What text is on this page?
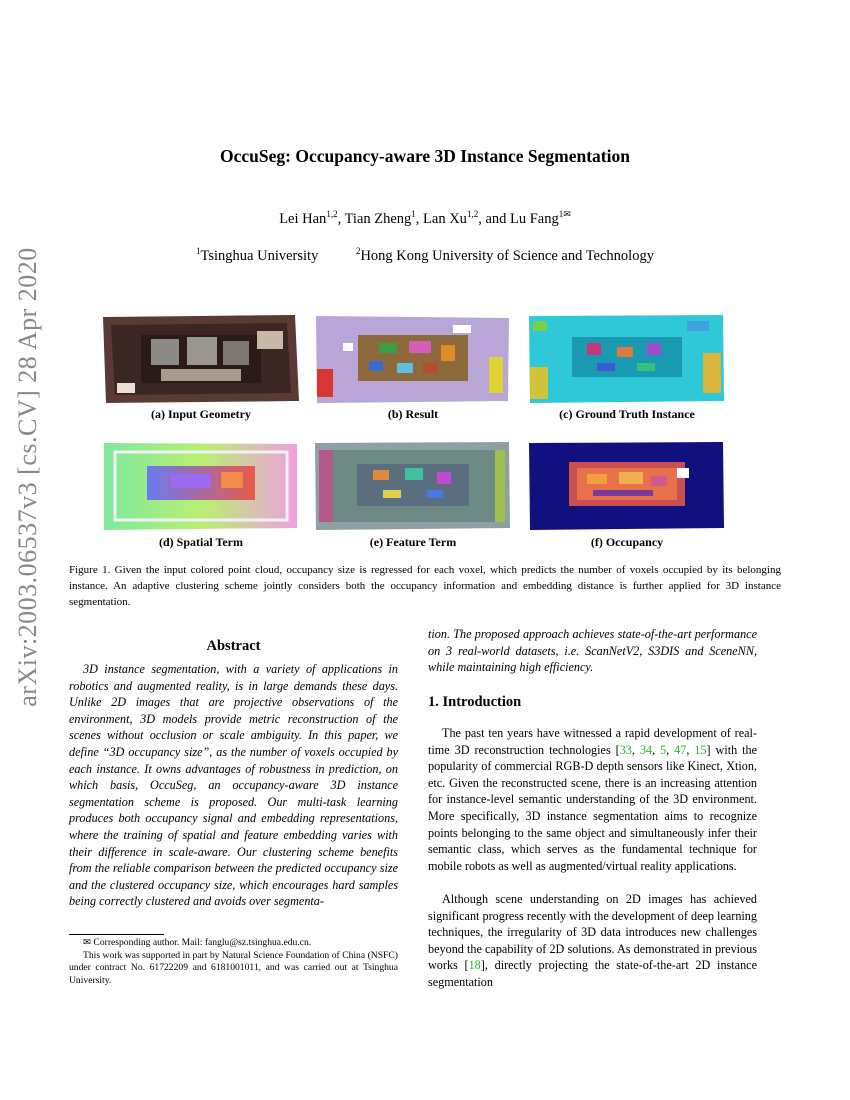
OccuSeg: Occupancy-aware 3D Instance Segmentation
Lei Han$^{1,2}$, Tian Zheng$^1$, Lan Xu$^{1,2}$, and Lu Fang$^{1✉}$
$^1$Tsinghua University	$^2$Hong Kong University of Science and Technology
arXiv:2003.06537v3 [cs.CV] 28 Apr 2020	(a) Input Geometry	(b) Result	(c) Ground Truth Instance
(d) Spatial Term	(e) Feature Term	(f) Occupancy
Figure 1. Given the input colored point cloud, occupancy size is regressed for each voxel, which predicts the number of voxels occupied by its belonging instance. An adaptive clustering scheme jointly considers both the occupancy information and embedding distance is further applied for 3D instance segmentation.
Abstract
3D instance segmentation, with a variety of applications in robotics and augmented reality, is in large demands these days. Unlike 2D images that are projective observations of the environment, 3D models provide metric reconstruction of the scenes without occlusion or scale ambiguity. In this paper, we define “3D occupancy size”, as the number of voxels occupied by each instance. It owns advantages of robustness in prediction, on which basis, OccuSeg, an occupancy-aware 3D instance segmentation scheme is proposed. Our multi-task learning produces both occupancy signal and embedding representations, where the training of spatial and feature embedding varies with their difference in scale-aware. Our clustering scheme benefits from the reliable comparison between the predicted occupancy size and the clustered occupancy size, which encourages hard samples being correctly clustered and avoids over segmenta-
tion. The proposed approach achieves state-of-the-art performance on 3 real-world datasets, i.e. ScanNetV2, S3DIS and SceneNN, while maintaining high efficiency.
1. Introduction
The past ten years have witnessed a rapid development of real-time 3D reconstruction technologies [33, 34, 5, 47, 15] with the popularity of commercial RGB-D depth sensors like Kinect, Xtion, etc. Given the reconstructed scene, there is an increasing attention for instance-level semantic understanding of the 3D environment. More specifically, 3D instance segmentation aims to recognize points belonging to the same object and simultaneously infer their semantic class, which serves as the fundamental technique for mobile robots as well as augmented/virtual reality applications.
Although scene understanding on 2D images has achieved significant progress recently with the development of deep learning techniques, the irregularity of 3D data introduces new challenges beyond the capability of 2D solutions. As demonstrated in previous works [18], directly projecting the state-of-the-art 2D instance segmentation

✉ Corresponding author. Mail: fanglu@sz.tsinghua.edu.cn.

This work was supported in part by Natural Science Foundation of China (NSFC) under contract No. 61722209 and 6181001011, and was carried out at Tsinghua University.
